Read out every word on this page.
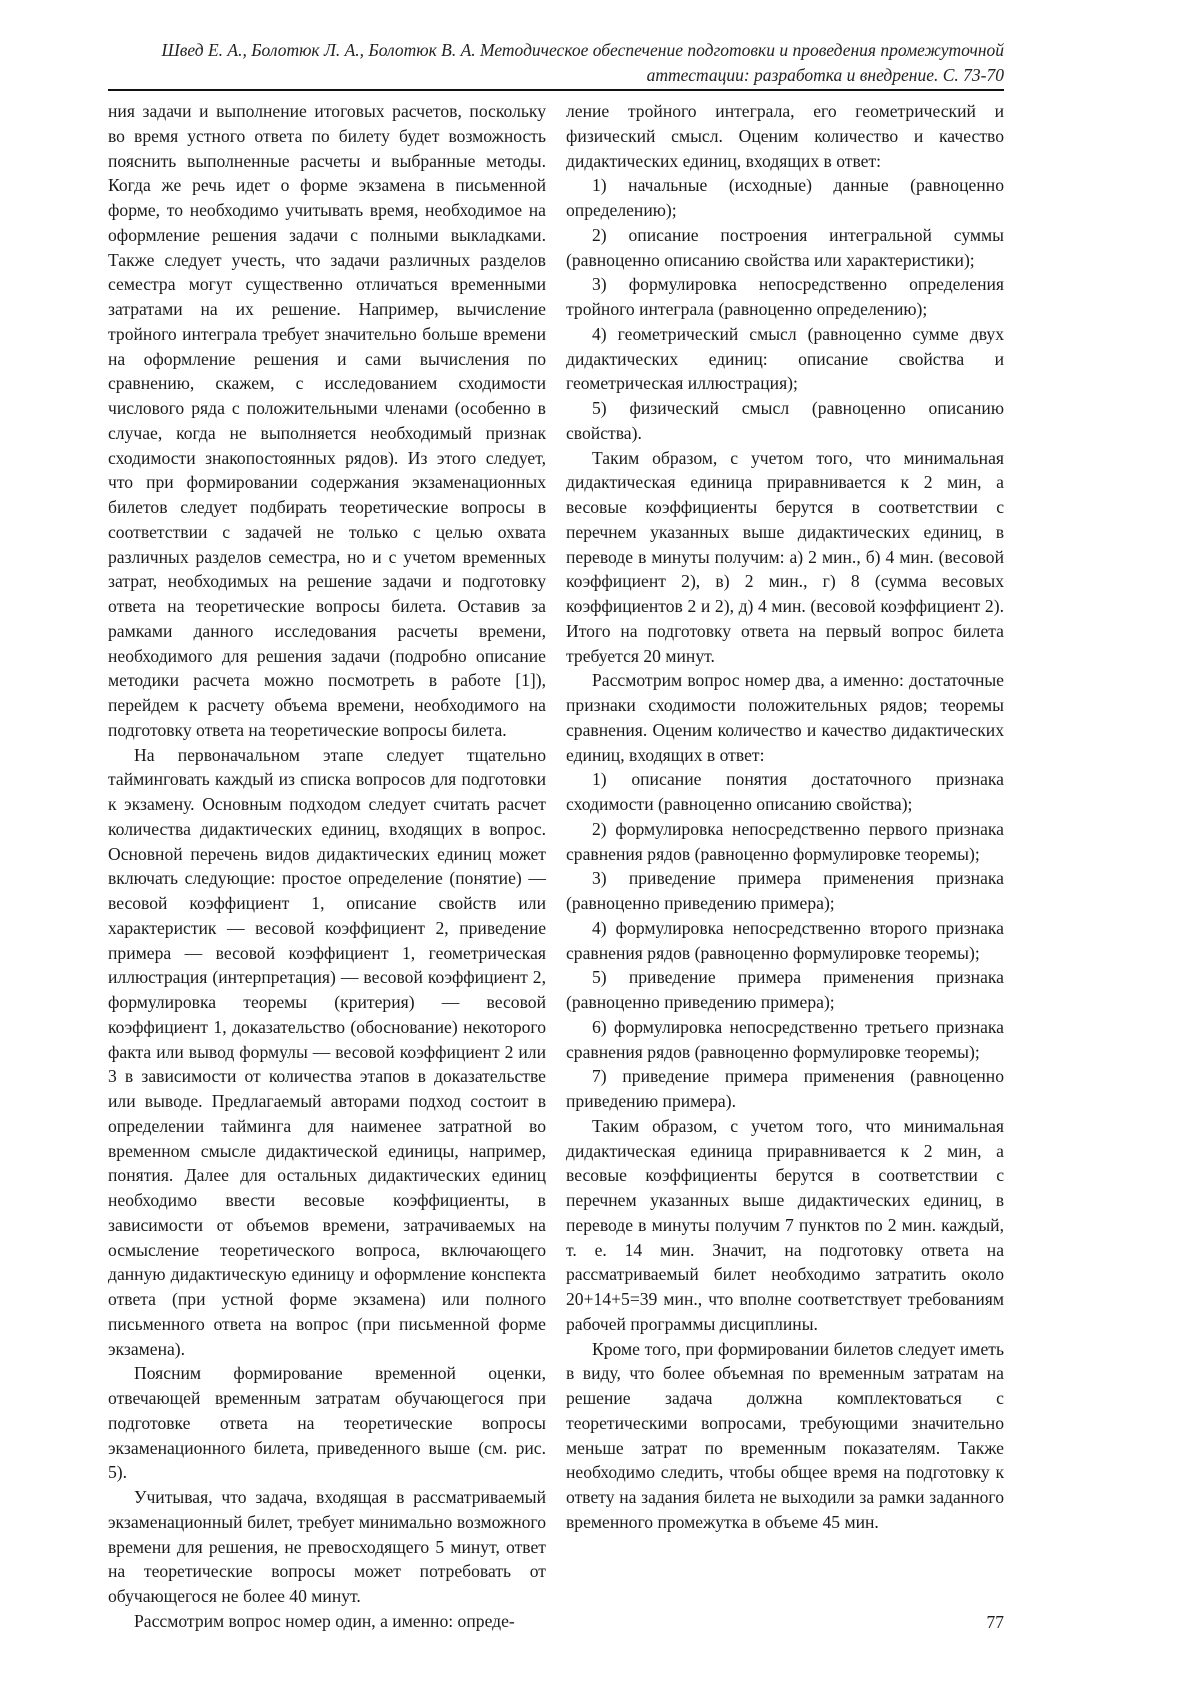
Швед Е. А., Болотюк Л. А., Болотюк В. А. Методическое обеспечение подготовки и проведения промежуточной
аттестации: разработка и внедрение. С. 73-70

ния задачи и выполнение итоговых расчетов, поскольку во время устного ответа по билету будет возможность пояснить выполненные расчеты и выбранные методы. Когда же речь идет о форме экзамена в письменной форме, то необходимо учитывать время, необходимое на оформление решения задачи с полными выкладками. Также следует учесть, что задачи различных разделов семестра могут существенно отличаться временными затратами на их решение. Например, вычисление тройного интеграла требует значительно больше времени на оформление решения и сами вычисления по сравнению, скажем, с исследованием сходимости числового ряда с положительными членами (особенно в случае, когда не выполняется необходимый признак сходимости знакопостоянных рядов). Из этого следует, что при формировании содержания экзаменационных билетов следует подбирать теоретические вопросы в соответствии с задачей не только с целью охвата различных разделов семестра, но и с учетом временных затрат, необходимых на решение задачи и подготовку ответа на теоретические вопросы билета. Оставив за рамками данного исследования расчеты времени, необходимого для решения задачи (подробно описание методики расчета можно посмотреть в работе [1]), перейдем к расчету объема времени, необходимого на подготовку ответа на теоретические вопросы билета.

На первоначальном этапе следует тщательно тайминговать каждый из списка вопросов для подготовки к экзамену. Основным подходом следует считать расчет количества дидактических единиц, входящих в вопрос. Основной перечень видов дидактических единиц может включать следующие: простое определение (понятие) — весовой коэффициент 1, описание свойств или характеристик — весовой коэффициент 2, приведение примера — весовой коэффициент 1, геометрическая иллюстрация (интерпретация) — весовой коэффициент 2, формулировка теоремы (критерия) — весовой коэффициент 1, доказательство (обоснование) некоторого факта или вывод формулы — весовой коэффициент 2 или 3 в зависимости от количества этапов в доказательстве или выводе. Предлагаемый авторами подход состоит в определении тайминга для наименее затратной во временном смысле дидактической единицы, например, понятия. Далее для остальных дидактических единиц необходимо ввести весовые коэффициенты, в зависимости от объемов времени, затрачиваемых на осмысление теоретического вопроса, включающего данную дидактическую единицу и оформление конспекта ответа (при устной форме экзамена) или полного письменного ответа на вопрос (при письменной форме экзамена).

Поясним формирование временной оценки, отвечающей временным затратам обучающегося при подготовке ответа на теоретические вопросы экзаменационного билета, приведенного выше (см. рис. 5).

Учитывая, что задача, входящая в рассматриваемый экзаменационный билет, требует минимально возможного времени для решения, не превосходящего 5 минут, ответ на теоретические вопросы может потребовать от обучающегося не более 40 минут.

Рассмотрим вопрос номер один, а именно: опреде-

ление тройного интеграла, его геометрический и физический смысл. Оценим количество и качество дидактических единиц, входящих в ответ:

1) начальные (исходные) данные (равноценно определению);

2) описание построения интегральной суммы (равноценно описанию свойства или характеристики);

3) формулировка непосредственно определения тройного интеграла (равноценно определению);

4) геометрический смысл (равноценно сумме двух дидактических единиц: описание свойства и геометрическая иллюстрация);

5) физический смысл (равноценно описанию свойства).

Таким образом, с учетом того, что минимальная дидактическая единица приравнивается к 2 мин, а весовые коэффициенты берутся в соответствии с перечнем указанных выше дидактических единиц, в переводе в минуты получим: а) 2 мин., б) 4 мин. (весовой коэффициент 2), в) 2 мин., г) 8 (сумма весовых коэффициентов 2 и 2), д) 4 мин. (весовой коэффициент 2). Итого на подготовку ответа на первый вопрос билета требуется 20 минут.

Рассмотрим вопрос номер два, а именно: достаточные признаки сходимости положительных рядов; теоремы сравнения. Оценим количество и качество дидактических единиц, входящих в ответ:

1) описание понятия достаточного признака сходимости (равноценно описанию свойства);

2) формулировка непосредственно первого признака сравнения рядов (равноценно формулировке теоремы);

3) приведение примера применения признака (равноценно приведению примера);

4) формулировка непосредственно второго признака сравнения рядов (равноценно формулировке теоремы);

5) приведение примера применения признака (равноценно приведению примера);

6) формулировка непосредственно третьего признака сравнения рядов (равноценно формулировке теоремы);

7) приведение примера применения (равноценно приведению примера).

Таким образом, с учетом того, что минимальная дидактическая единица приравнивается к 2 мин, а весовые коэффициенты берутся в соответствии с перечнем указанных выше дидактических единиц, в переводе в минуты получим 7 пунктов по 2 мин. каждый, т. е. 14 мин. Значит, на подготовку ответа на рассматриваемый билет необходимо затратить около 20+14+5=39 мин., что вполне соответствует требованиям рабочей программы дисциплины.

Кроме того, при формировании билетов следует иметь в виду, что более объемная по временным затратам на решение задача должна комплектоваться с теоретическими вопросами, требующими значительно меньше затрат по временным показателям. Также необходимо следить, чтобы общее время на подготовку к ответу на задания билета не выходили за рамки заданного временного промежутка в объеме 45 мин.

77
